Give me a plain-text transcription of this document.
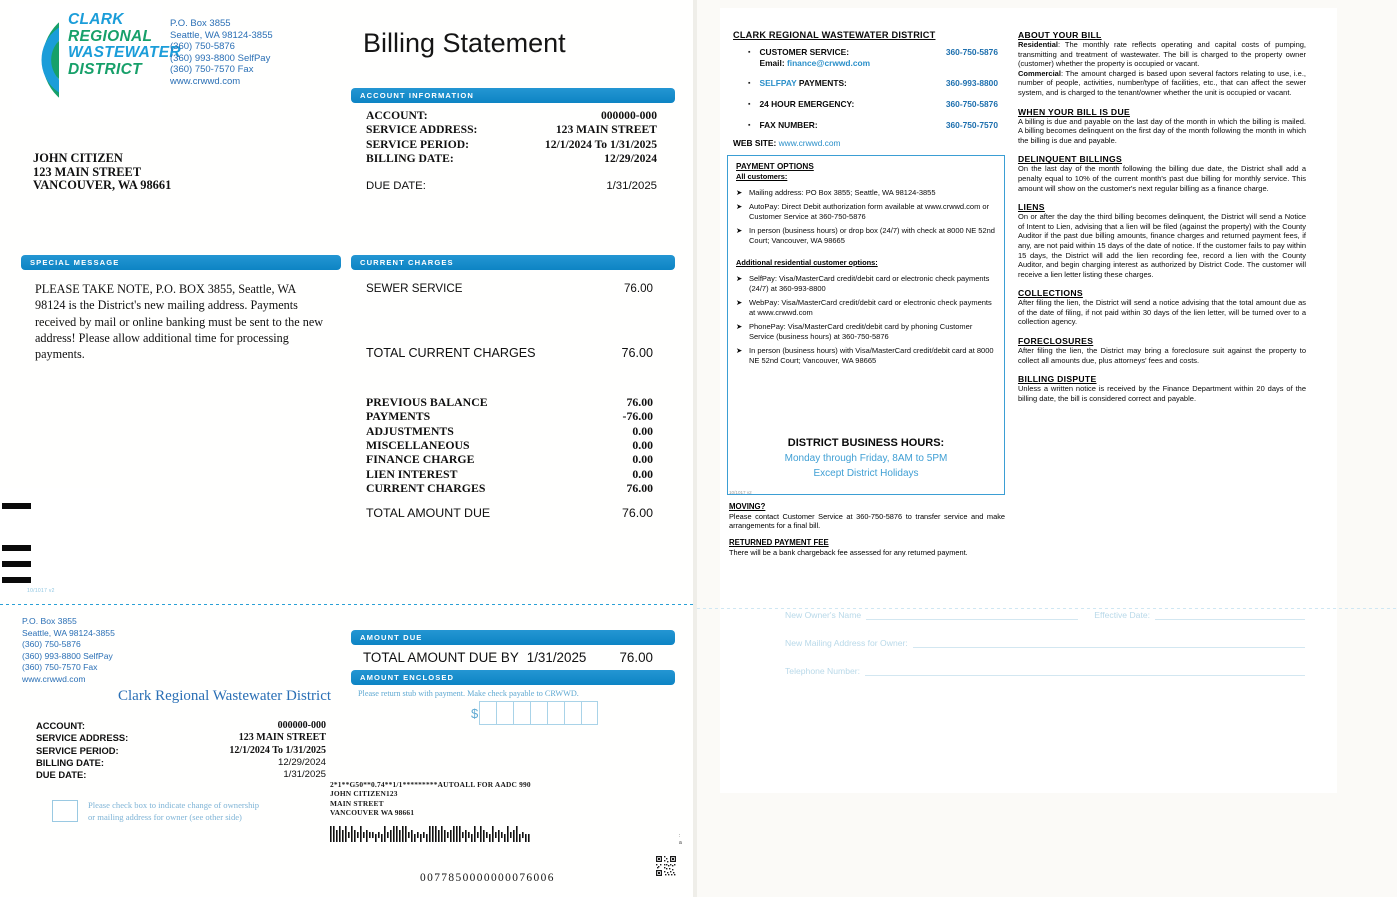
CLARK
REGIONAL
WASTEWATER
DISTRICT
P.O. Box 3855
Seattle, WA 98124-3855
(360) 750-5876
(360) 993-8800 SelfPay
(360) 750-7570 Fax
www.crwwd.com
Billing Statement
ACCOUNT INFORMATION
ACCOUNT:	000000-000
SERVICE ADDRESS:	123 MAIN STREET
SERVICE PERIOD:	12/1/2024 To 1/31/2025
BILLING DATE:	12/29/2024
DUE DATE:	1/31/2025
JOHN CITIZEN
123 MAIN STREET
VANCOUVER, WA 98661
SPECIAL MESSAGE
PLEASE TAKE NOTE, P.O. BOX 3855, Seattle, WA 98124 is the District's new mailing address. Payments received by mail or online banking must be sent to the new address! Please allow additional time for processing payments.
CURRENT CHARGES
SEWER SERVICE	76.00
TOTAL CURRENT CHARGES	76.00
PREVIOUS BALANCE	76.00
PAYMENTS	-76.00
ADJUSTMENTS	0.00
MISCELLANEOUS	0.00
FINANCE CHARGE	0.00
LIEN INTEREST	0.00
CURRENT CHARGES	76.00
TOTAL AMOUNT DUE	76.00
10/1017 v2
P.O. Box 3855
Seattle, WA 98124-3855
(360) 750-5876
(360) 993-8800 SelfPay
(360) 750-7570 Fax
www.crwwd.com
Clark Regional Wastewater District
ACCOUNT:	000000-000
SERVICE ADDRESS:	123 MAIN STREET
SERVICE PERIOD:	12/1/2024 To 1/31/2025
BILLING DATE:	12/29/2024
DUE DATE:	1/31/2025
Please check box to indicate change of ownership
or mailing address for owner (see other side)
AMOUNT DUE
TOTAL AMOUNT DUE BY 1/31/2025 76.00
AMOUNT ENCLOSED
Please return stub with payment. Make check payable to CRWWD.
$
2*1**G50**0.74**1/1*********AUTOALL FOR AADC 990
JOHN CITIZEN123
MAIN STREET
VANCOUVER WA 98661
0077850000000076006
:
a
CLARK REGIONAL WASTEWATER DISTRICT
▪ CUSTOMER SERVICE:
Email: finance@crwwd.com
360-750-5876
▪ SELFPAY PAYMENTS:	360-993-8800
▪ 24 HOUR EMERGENCY:	360-750-5876
▪ FAX NUMBER:	360-750-7570
WEB SITE: www.crwwd.com
PAYMENT OPTIONS
All customers:
➤ Mailing address: PO Box 3855; Seattle, WA 98124-3855
➤ AutoPay: Direct Debit authorization form available at www.crwwd.com or Customer Service at 360-750-5876
➤ In person (business hours) or drop box (24/7) with check at 8000 NE 52nd Court; Vancouver, WA 98665
Additional residential customer options:
➤ SelfPay: Visa/MasterCard credit/debit card or electronic check payments (24/7) at 360-993-8800
➤ WebPay: Visa/MasterCard credit/debit card or electronic check payments at www.crwwd.com
➤ PhonePay: Visa/MasterCard credit/debit card by phoning Customer Service (business hours) at 360-750-5876
➤ In person (business hours) with Visa/MasterCard credit/debit card at 8000 NE 52nd Court; Vancouver, WA 98665
DISTRICT BUSINESS HOURS:
Monday through Friday, 8AM to 5PM
Except District Holidays
10/1017 v2
MOVING?

Please contact Customer Service at 360-750-5876 to transfer service and make arrangements for a final bill.

RETURNED PAYMENT FEE

There will be a bank chargeback fee assessed for any returned payment.

ABOUT YOUR BILL

Residential: The monthly rate reflects operating and capital costs of pumping, transmitting and treatment of wastewater. The bill is charged to the property owner (customer) whether the property is occupied or vacant.

Commercial: The amount charged is based upon several factors relating to use, i.e., number of people, activities, number/type of facilities, etc., that can affect the sewer system, and is charged to the tenant/owner whether the unit is occupied or vacant.

WHEN YOUR BILL IS DUE

A billing is due and payable on the last day of the month in which the billing is mailed. A billing becomes delinquent on the first day of the month following the month in which the billing is due and payable.

DELINQUENT BILLINGS

On the last day of the month following the billing due date, the District shall add a penalty equal to 10% of the current month's past due billing for monthly service. This amount will show on the customer's next regular billing as a finance charge.

LIENS

On or after the day the third billing becomes delinquent, the District will send a Notice of Intent to Lien, advising that a lien will be filed (against the property) with the County Auditor if the past due billing amounts, finance charges and returned payment fees, if any, are not paid within 15 days of the date of notice. If the customer fails to pay within 15 days, the District will add the lien recording fee, record a lien with the County Auditor, and begin charging interest as authorized by District Code. The customer will receive a lien letter listing these charges.

COLLECTIONS

After filing the lien, the District will send a notice advising that the total amount due as of the date of filing, if not paid within 30 days of the lien letter, will be turned over to a collection agency.

FORECLOSURES

After filing the lien, the District may bring a foreclosure suit against the property to collect all amounts due, plus attorneys' fees and costs.

BILLING DISPUTE

Unless a written notice is received by the Finance Department within 20 days of the billing date, the bill is considered correct and payable.

New Owner's Name	Effective Date:
New Mailing Address for Owner:
Telephone Number:
